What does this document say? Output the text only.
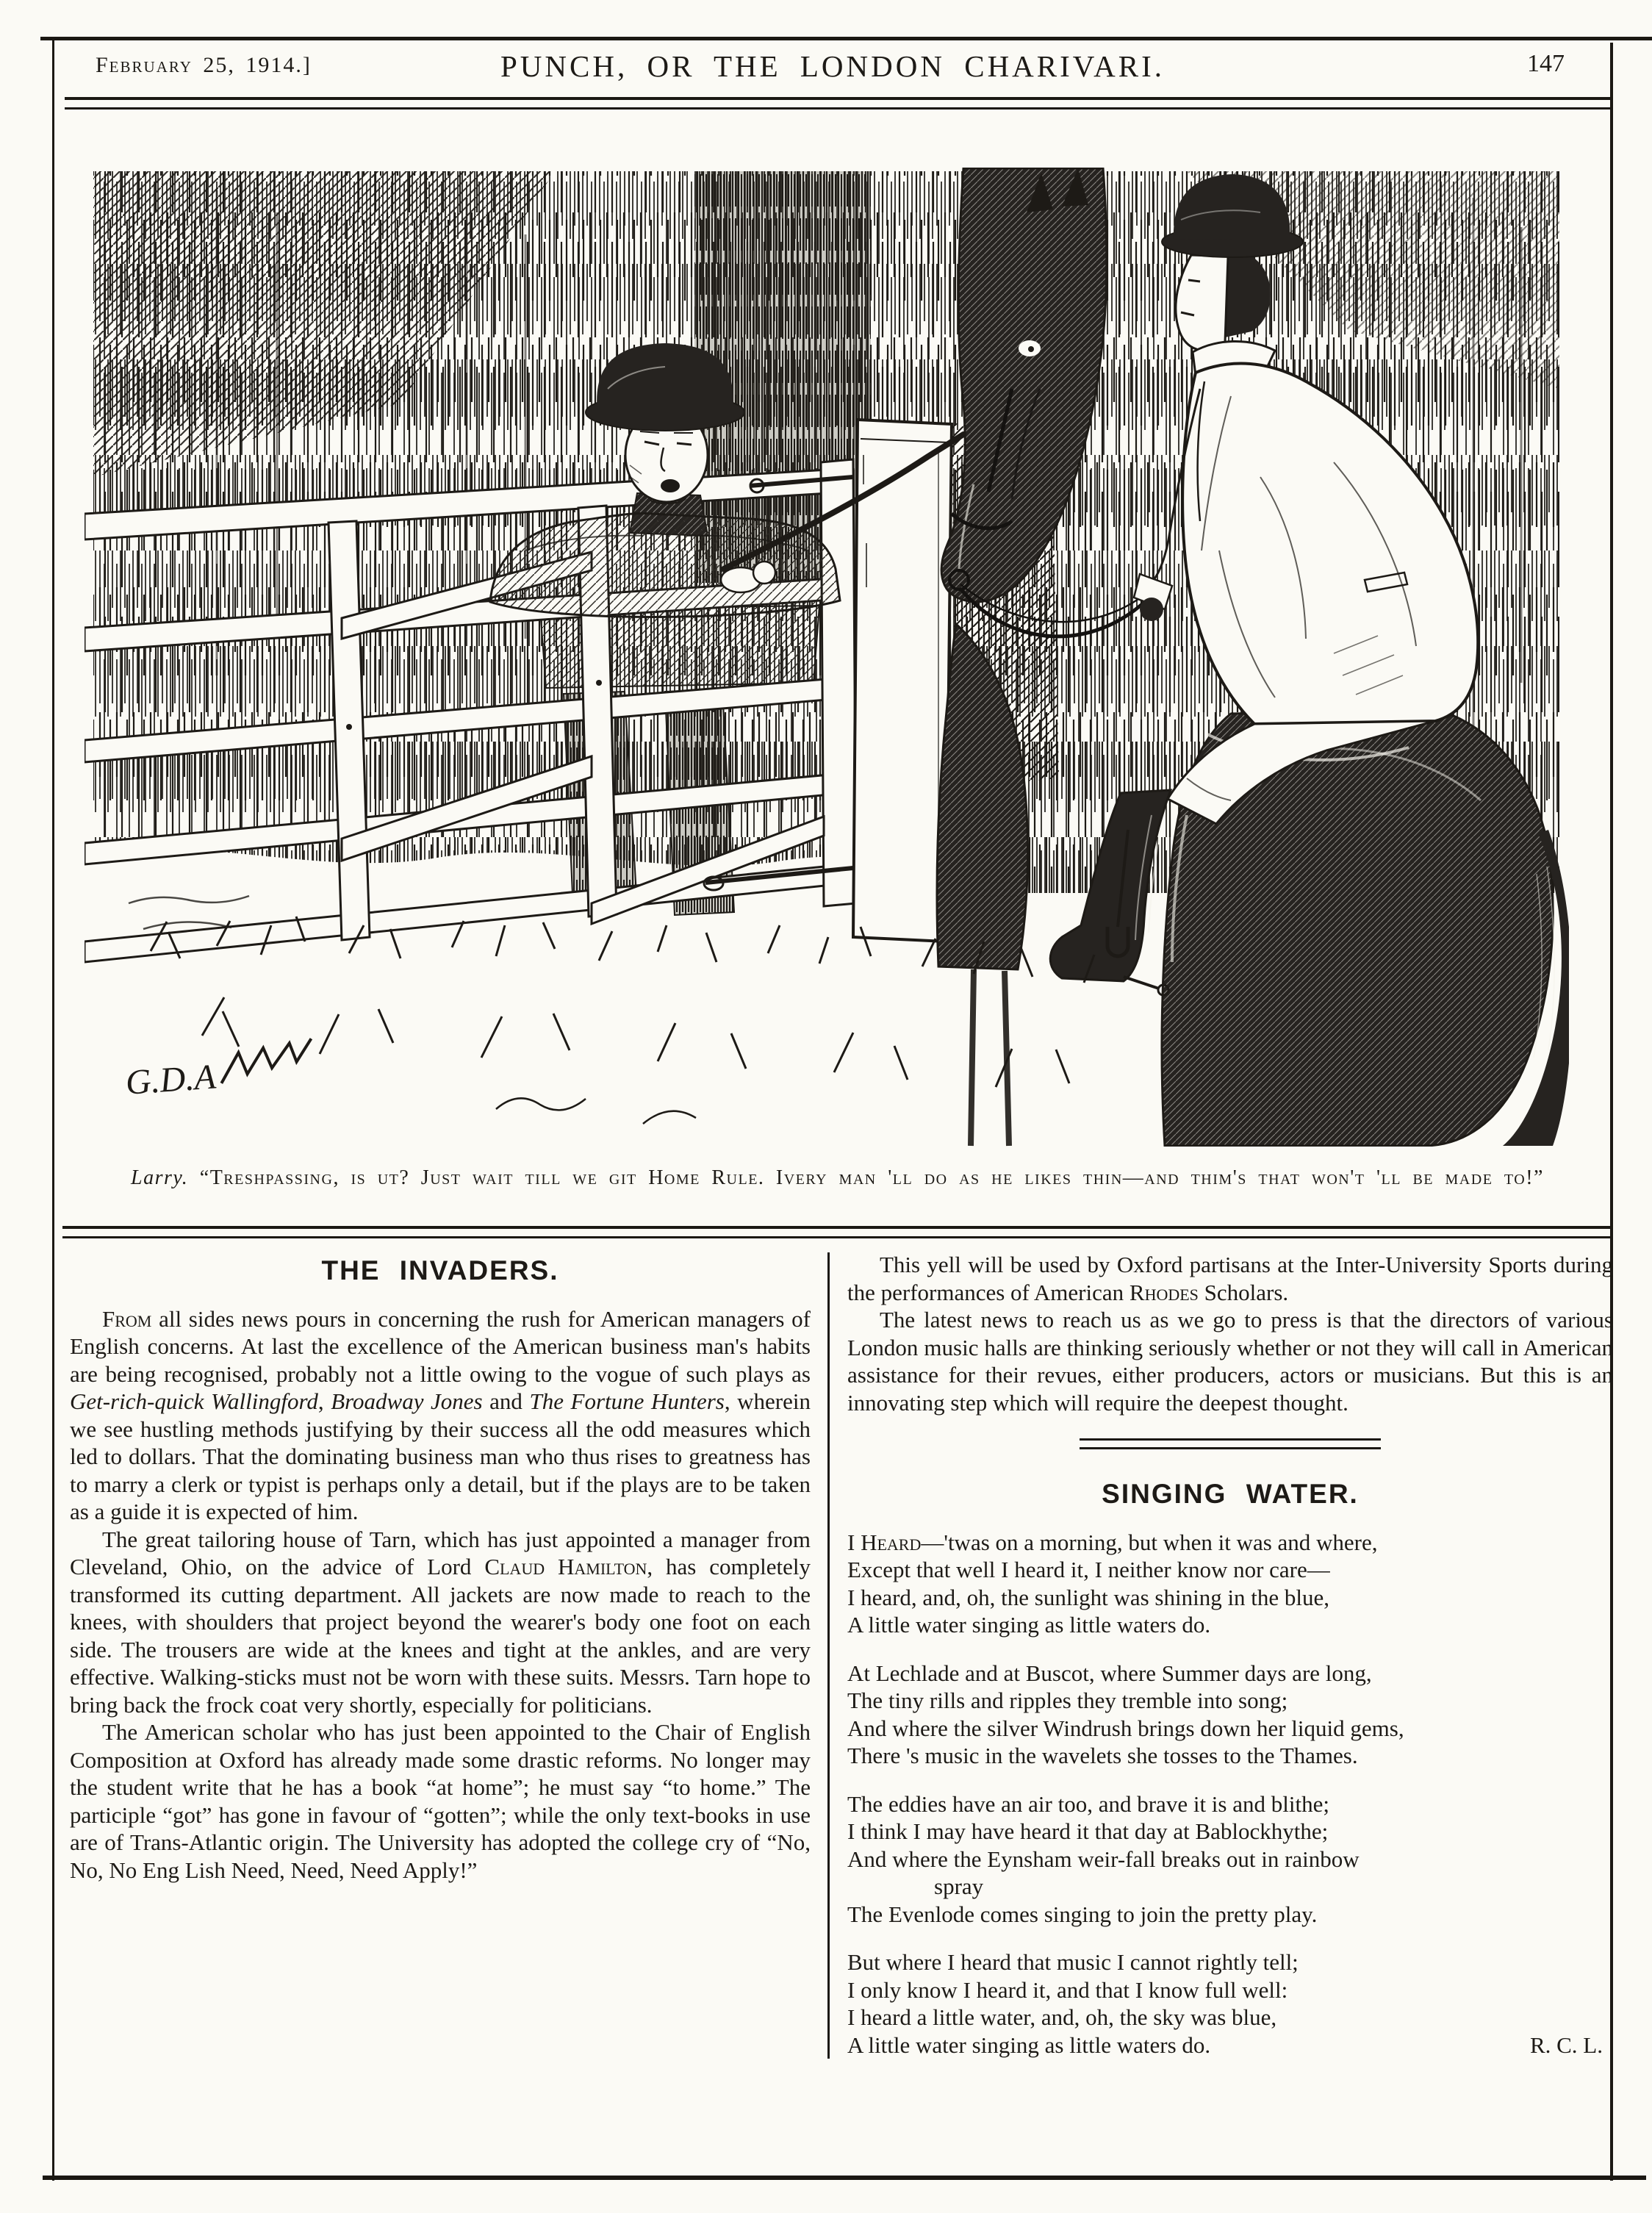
February 25, 1914.]	PUNCH, OR THE LONDON CHARIVARI.	147
G.D.A

Larry. “Treshpassing, is ut? Just wait till we git Home Rule. Ivery man 'll do as he likes thin—and thim's that won't 'll be made to!”

THE INVADERS.

From all sides news pours in concerning the rush for American managers of English concerns. At last the excellence of the American business man's habits are being recognised, probably not a little owing to the vogue of such plays as Get-rich-quick Wallingford, Broadway Jones and The Fortune Hunters, wherein we see hustling methods justifying by their success all the odd measures which led to dollars. That the dominating business man who thus rises to greatness has to marry a clerk or typist is perhaps only a detail, but if the plays are to be taken as a guide it is expected of him.

The great tailoring house of Tarn, which has just appointed a manager from Cleveland, Ohio, on the advice of Lord Claud Hamilton, has completely transformed its cutting department. All jackets are now made to reach to the knees, with shoulders that project beyond the wearer's body one foot on each side. The trousers are wide at the knees and tight at the ankles, and are very effective. Walking-sticks must not be worn with these suits. Messrs. Tarn hope to bring back the frock coat very shortly, especially for politicians.

The American scholar who has just been appointed to the Chair of English Composition at Oxford has already made some drastic reforms. No longer may the student write that he has a book “at home”; he must say “to home.” The participle “got” has gone in favour of “gotten”; while the only text-books in use are of Trans-Atlantic origin. The University has adopted the college cry of “No, No, No Eng Lish Need, Need, Need Apply!”

This yell will be used by Oxford partisans at the Inter-University Sports during the performances of American Rhodes Scholars.

The latest news to reach us as we go to press is that the directors of various London music halls are thinking seriously whether or not they will call in American assistance for their revues, either producers, actors or musicians. But this is an innovating step which will require the deepest thought.

SINGING WATER.
I Heard—'twas on a morning, but when it was and where,
Except that well I heard it, I neither know nor care—
I heard, and, oh, the sunlight was shining in the blue,
A little water singing as little waters do.
At Lechlade and at Buscot, where Summer days are long,
The tiny rills and ripples they tremble into song;
And where the silver Windrush brings down her liquid gems,
There 's music in the wavelets she tosses to the Thames.
The eddies have an air too, and brave it is and blithe;
I think I may have heard it that day at Bablockhythe;
And where the Eynsham weir-fall breaks out in rainbow
spray
The Evenlode comes singing to join the pretty play.
But where I heard that music I cannot rightly tell;
I only know I heard it, and that I know full well:
I heard a little water, and, oh, the sky was blue,
A little water singing as little waters do.	R. C. L.
